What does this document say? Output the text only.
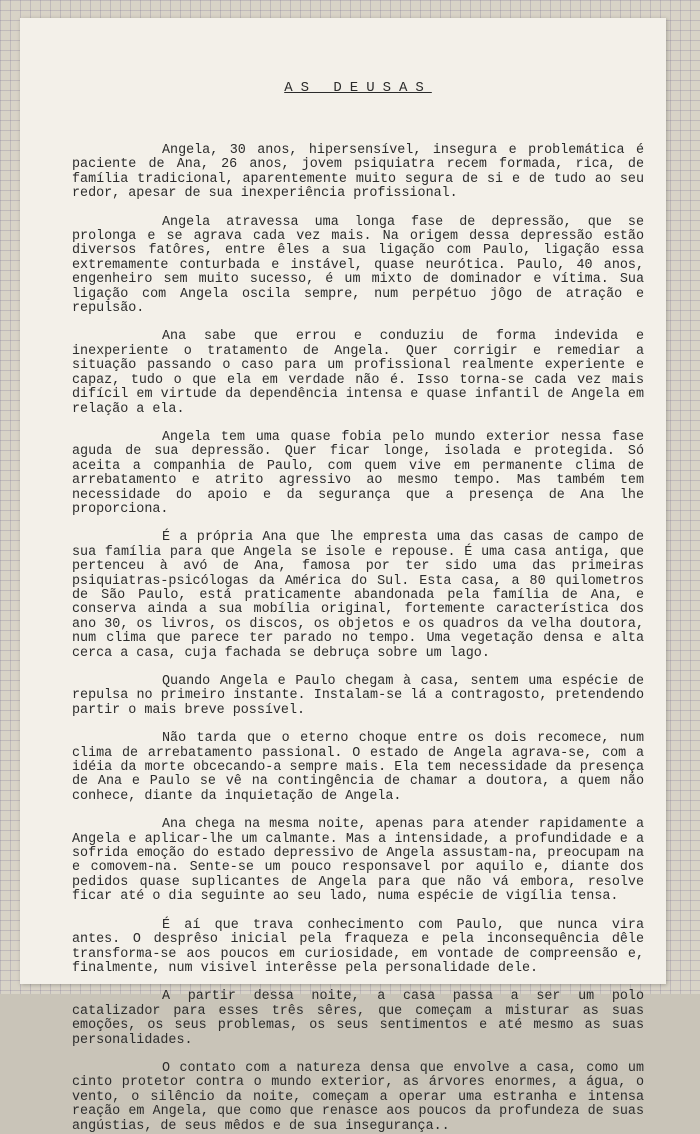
AS DEUSAS

Angela, 30 anos, hipersensível, insegura e problemática é paciente de Ana, 26 anos, jovem psiquiatra recem formada, rica, de família tradicional, aparentemente muito segura de si e de tudo ao seu redor, apesar de sua inexperiência profissional.

Angela atravessa uma longa fase de depressão, que se prolonga e se agrava cada vez mais. Na origem dessa depressão estão diversos fatôres, entre êles a sua ligação com Paulo, ligação essa extremamente conturbada e instável, quase neurótica. Paulo, 40 anos, engenheiro sem muito sucesso, é um mixto de dominador e vítima. Sua ligação com Angela oscila sempre, num perpétuo jôgo de atração e repulsão.

Ana sabe que errou e conduziu de forma indevida e inexperiente o tratamento de Angela. Quer corrigir e remediar a situação passando o caso para um profissional realmente experiente e capaz, tudo o que ela em verdade não é. Isso torna-se cada vez mais difícil em virtude da dependência intensa e quase infantil de Angela em relação a ela.

Angela tem uma quase fobia pelo mundo exterior nessa fase aguda de sua depressão. Quer ficar longe, isolada e protegida. Só aceita a companhia de Paulo, com quem vive em permanente clima de arrebatamento e atrito agressivo ao mesmo tempo. Mas também tem necessidade do apoio e da segurança que a presença de Ana lhe proporciona.

É a própria Ana que lhe empresta uma das casas de campo de sua família para que Angela se isole e repouse. É uma casa antiga, que pertenceu à avó de Ana, famosa por ter sido uma das primeiras psiquiatras-psicólogas da América do Sul. Esta casa, a 80 quilometros de São Paulo, está praticamente abandonada pela família de Ana, e conserva ainda a sua mobília original, fortemente característica dos ano 30, os livros, os discos, os objetos e os quadros da velha doutora, num clima que parece ter parado no tempo. Uma vegetação densa e alta cerca a casa, cuja fachada se debruça sobre um lago.

Quando Angela e Paulo chegam à casa, sentem uma espécie de repulsa no primeiro instante. Instalam-se lá a contragosto, pretendendo partir o mais breve possível.

Não tarda que o eterno choque entre os dois recomece, num clima de arrebatamento passional. O estado de Angela agrava-se, com a idéia da morte obcecando-a sempre mais. Ela tem necessidade da presença de Ana e Paulo se vê na contingência de chamar a doutora, a quem não conhece, diante da inquietação de Angela.

Ana chega na mesma noite, apenas para atender rapidamente a Angela e aplicar-lhe um calmante. Mas a intensidade, a profundidade e a sofrida emoção do estado depressivo de Angela assustam-na, preocupam na e comovem-na. Sente-se um pouco responsavel por aquilo e, diante dos pedidos quase suplicantes de Angela para que não vá embora, resolve ficar até o dia seguinte ao seu lado, numa espécie de vigília tensa.

É aí que trava conhecimento com Paulo, que nunca vira antes. O desprêso inicial pela fraqueza e pela inconsequência dêle transforma-se aos poucos em curiosidade, em vontade de compreensão e, finalmente, num visivel interêsse pela personalidade dele.

A partir dessa noite, a casa passa a ser um polo catalizador para esses três sêres, que começam a misturar as suas emoções, os seus problemas, os seus sentimentos e até mesmo as suas personalidades.

O contato com a natureza densa que envolve a casa, como um cinto protetor contra o mundo exterior, as árvores enormes, a água, o vento, o silêncio da noite, começam a operar uma estranha e intensa reação em Angela, que como que renasce aos poucos da profundeza de suas angústias, de seus mêdos e de sua insegurança..
